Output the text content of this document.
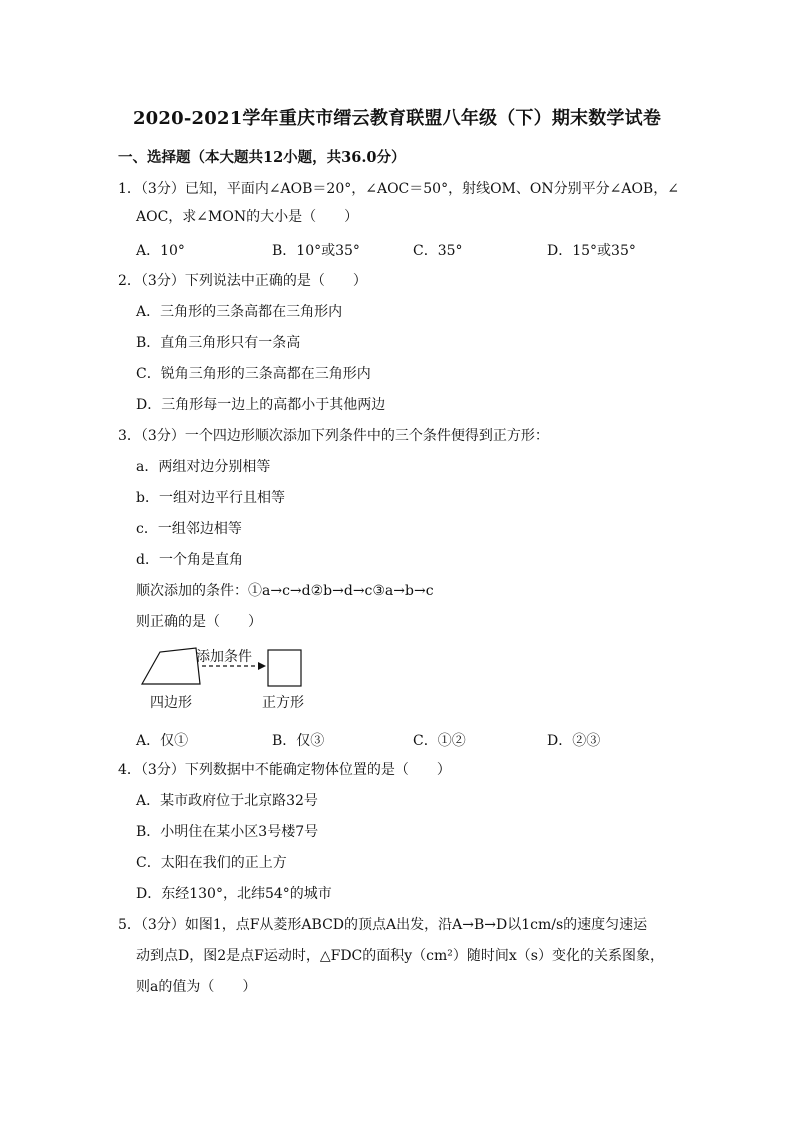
2020-2021学年重庆市缙云教育联盟八年级（下）期末数学试卷
一、选择题（本大题共12小题，共36.0分）
1．（3分）已知，平面内∠AOB＝20°，∠AOC＝50°，射线OM、ON分别平分∠AOB，∠
AOC，求∠MON的大小是（　　）
A．10°	B．10°或35°	C．35°	D．15°或35°
2．（3分）下列说法中正确的是（　　）
A．三角形的三条高都在三角形内
B．直角三角形只有一条高
C．锐角三角形的三条高都在三角形内
D．三角形每一边上的高都小于其他两边
3．（3分）一个四边形顺次添加下列条件中的三个条件便得到正方形：
a．两组对边分别相等
b．一组对边平行且相等
c．一组邻边相等
d．一个角是直角
顺次添加的条件：①a→c→d②b→d→c③a→b→c
则正确的是（　　）
添加条件
四边形	正方形
A．仅①	B．仅③	C．①②	D．②③
4．（3分）下列数据中不能确定物体位置的是（　　）
A．某市政府位于北京路32号
B．小明住在某小区3号楼7号
C．太阳在我们的正上方
D．东经130°，北纬54°的城市
5．（3分）如图1，点F从菱形ABCD的顶点A出发，沿A→B→D以1cm/s的速度匀速运
动到点D，图2是点F运动时，△FDC的面积y（cm²）随时间x（s）变化的关系图象，
则a的值为（　　）
